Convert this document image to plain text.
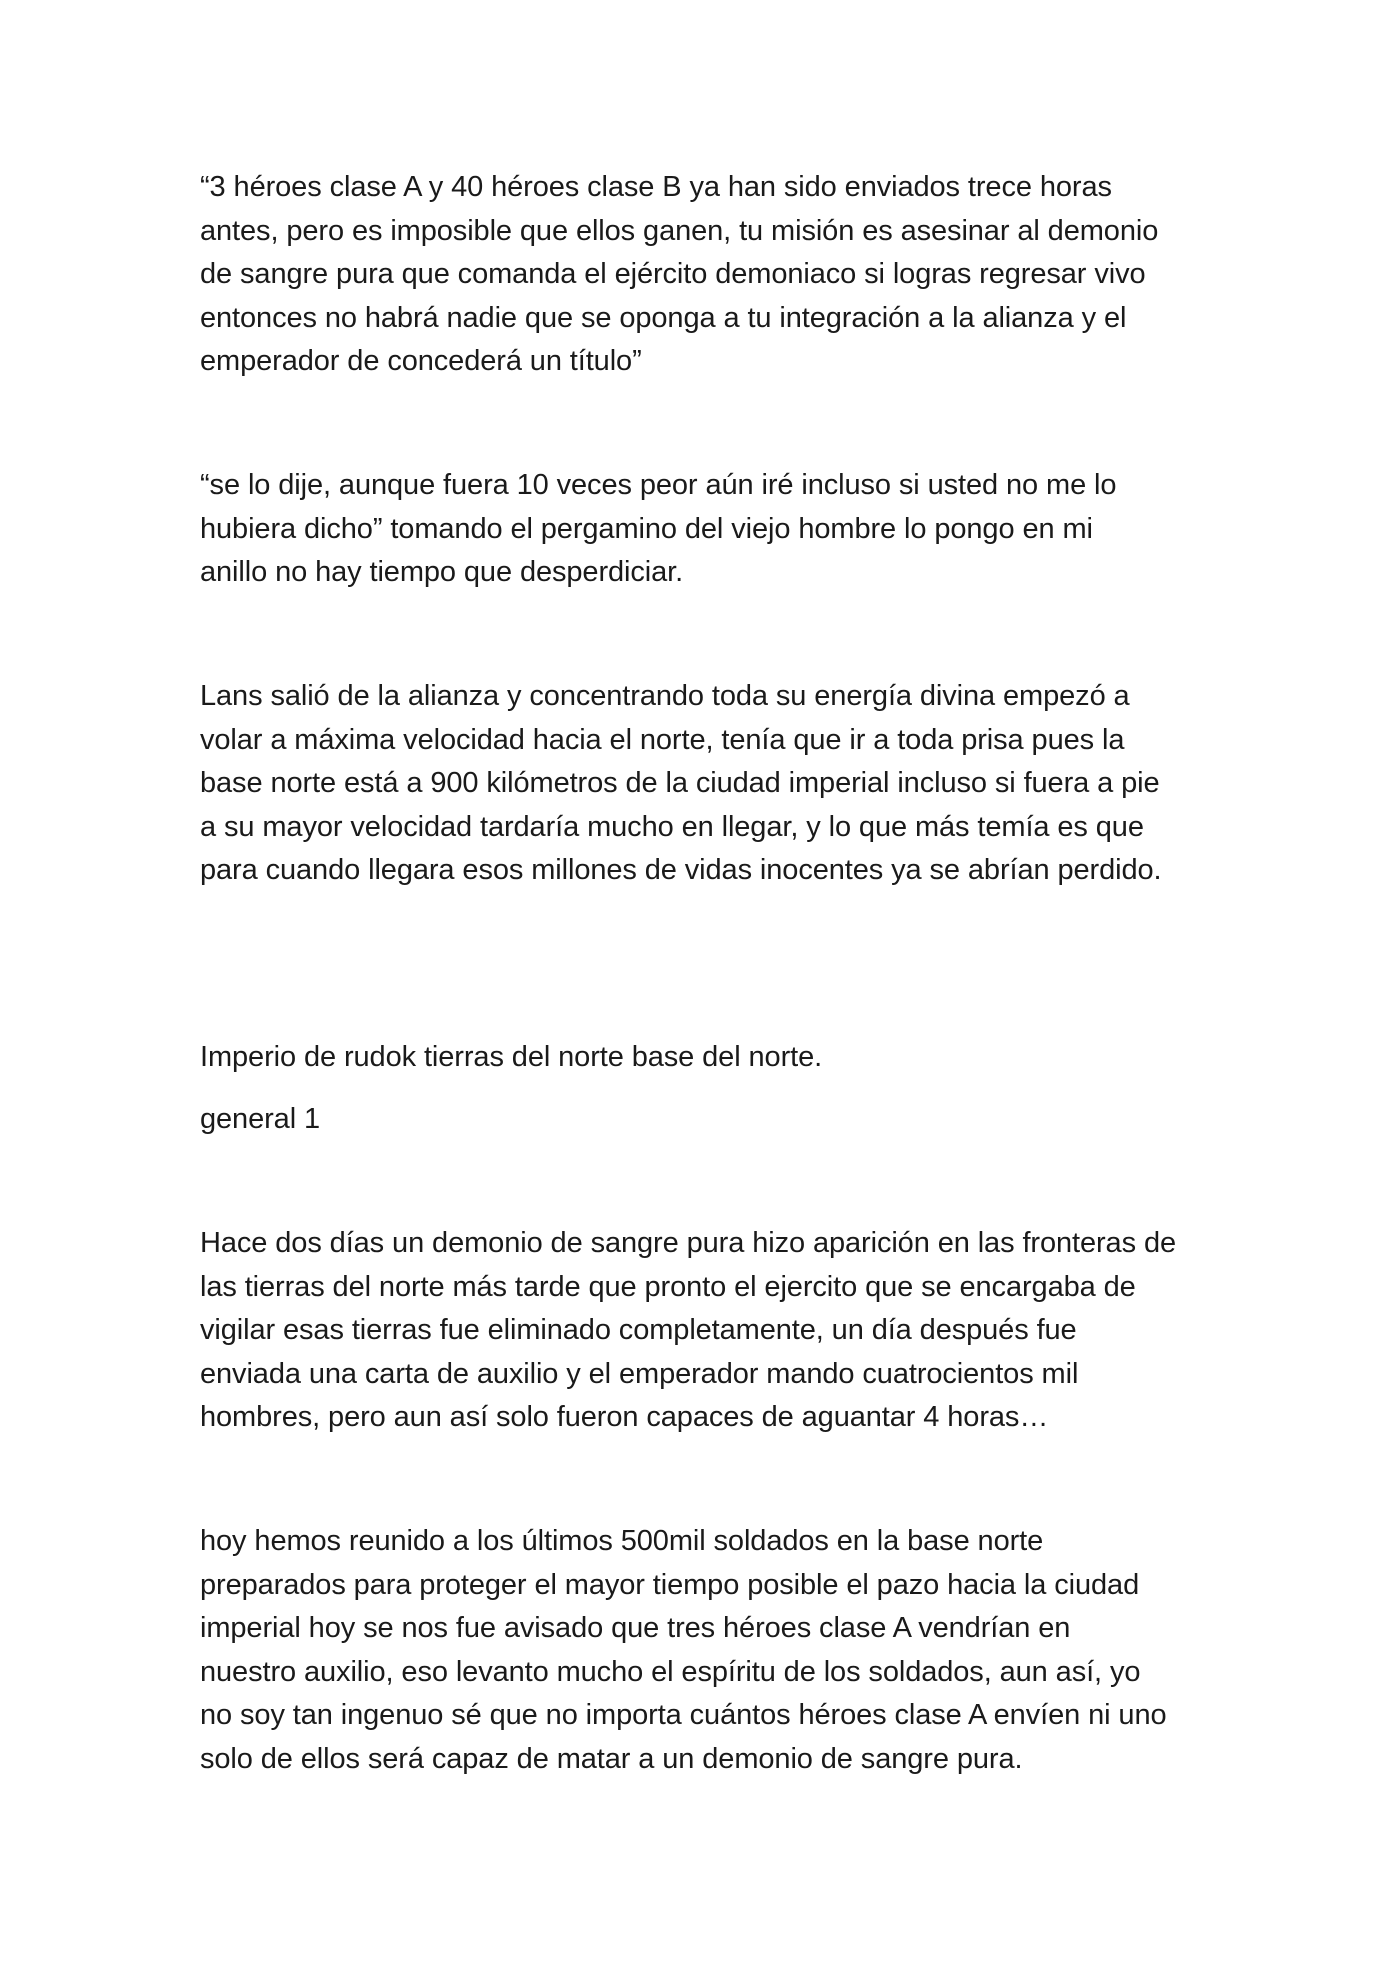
“3 héroes clase A y 40 héroes clase B ya han sido enviados trece horas
antes, pero es imposible que ellos ganen, tu misión es asesinar al demonio
de sangre pura que comanda el ejército demoniaco si logras regresar vivo
entonces no habrá nadie que se oponga a tu integración a la alianza y el
emperador de concederá un título”

“se lo dije, aunque fuera 10 veces peor aún iré incluso si usted no me lo
hubiera dicho” tomando el pergamino del viejo hombre lo pongo en mi
anillo no hay tiempo que desperdiciar.

Lans salió de la alianza y concentrando toda su energía divina empezó a
volar a máxima velocidad hacia el norte, tenía que ir a toda prisa pues la
base norte está a 900 kilómetros de la ciudad imperial incluso si fuera a pie
a su mayor velocidad tardaría mucho en llegar, y lo que más temía es que
para cuando llegara esos millones de vidas inocentes ya se abrían perdido.

Imperio de rudok tierras del norte base del norte.

general 1

Hace dos días un demonio de sangre pura hizo aparición en las fronteras de
las tierras del norte más tarde que pronto el ejercito que se encargaba de
vigilar esas tierras fue eliminado completamente, un día después fue
enviada una carta de auxilio y el emperador mando cuatrocientos mil
hombres, pero aun así solo fueron capaces de aguantar 4 horas…

hoy hemos reunido a los últimos 500mil soldados en la base norte
preparados para proteger el mayor tiempo posible el pazo hacia la ciudad
imperial hoy se nos fue avisado que tres héroes clase A vendrían en
nuestro auxilio, eso levanto mucho el espíritu de los soldados, aun así, yo
no soy tan ingenuo sé que no importa cuántos héroes clase A envíen ni uno
solo de ellos será capaz de matar a un demonio de sangre pura.
